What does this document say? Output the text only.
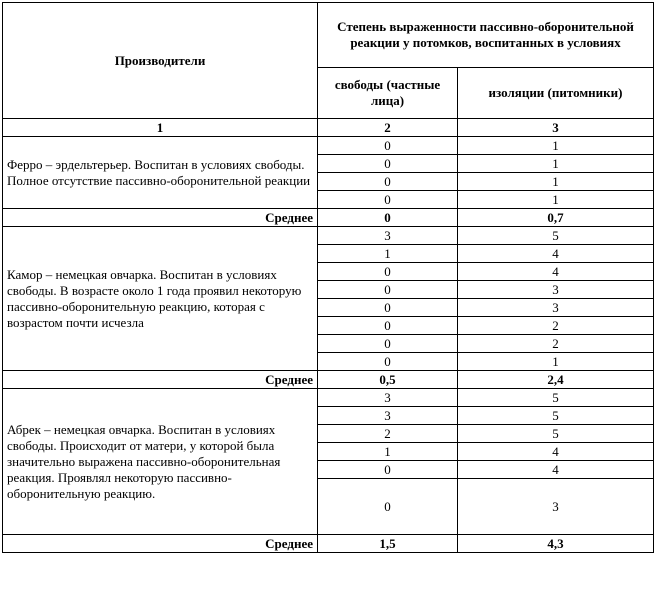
Производители	Степень выраженности пассивно-оборонительной реакции у потомков, воспитанных в условиях	
	свободы (частные лица)	изоляции (питомники)
1	2	3
Ферро – эрдельтерьер. Воспитан в условиях свободы. Полное отсутствие пассивно-оборонительной реакции	0	1
	0	1
	0	1
	0	1
Среднее	0	0,7
Камор – немецкая овчарка. Воспитан в условиях свободы. В возрасте около 1 года проявил некоторую пассивно-оборонительную реакцию, которая с возрастом почти исчезла	3	5
	1	4
	0	4
	0	3
	0	3
	0	2
	0	2
	0	1
Среднее	0,5	2,4
Абрек – немецкая овчарка. Воспитан в условиях свободы. Происходит от матери, у которой была значительно выражена пассивно-оборонительная реакция. Проявлял некоторую пассивно-оборонительную реакцию.	3	5
	3	5
	2	5
	1	4
	0	4
	0	3
Среднее	1,5	4,3
